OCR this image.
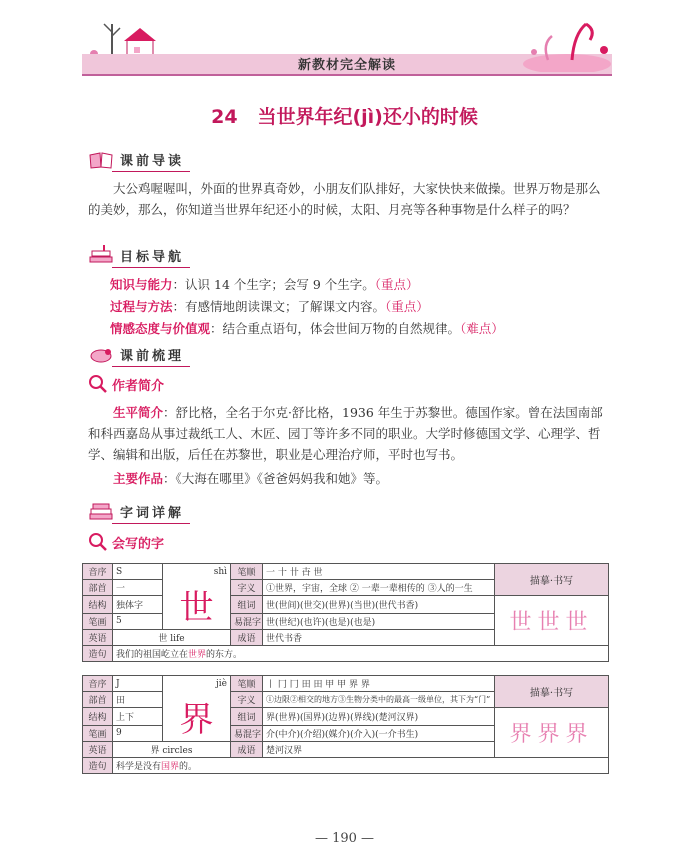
新教材完全解读
24 当世界年纪(jì)还小的时候
课前导读
大公鸡喔喔叫，外面的世界真奇妙，小朋友们队排好，大家快快来做操。世界万物是那么的美妙，那么，你知道当世界年纪还小的时候，太阳、月亮等各种事物是什么样子的吗？
目标导航
知识与能力：认识 14 个生字；会写 9 个生字。（重点）
过程与方法：有感情地朗读课文；了解课文内容。（重点）
情感态度与价值观：结合重点语句，体会世间万物的自然规律。（难点）
课前梳理
作者简介
生平简介：舒比格，全名于尔克·舒比格，1936 年生于苏黎世。德国作家。曾在法国南部和科西嘉岛从事过裁纸工人、木匠、园丁等许多不同的职业。大学时修德国文学、心理学、哲学、编辑和出版，后任在苏黎世，职业是心理治疗师，平时也写书。
主要作品：《大海在哪里》《爸爸妈妈我和她》等。
字词详解
会写的字
音序	S	shì	笔顺	一 十 卄 卋 世	描摹·书写
部首	一	世	字义	①世界，宇宙，全球 ② 一辈一辈相传的 ③人的一生	
结构	独体字		组词	世(世间)(世交)(世界)(当世)(世代书香)	世世世
笔画	5		易混字	世(世纪)(也许)(也是)(也是)	
英语	世 life		成语	世代书香	
造句	我们的祖国屹立在世界的东方。				
音序	J	jiè	笔顺	丨 冂 冂 田 田 甲 甲 界 界	描摹·书写
部首	田	界	字义	①边限②相交的地方③生物分类中的最高一级单位，其下为“门”	
结构	上下		组词	界(世界)(国界)(边界)(界线)(楚河汉界)	界界界
笔画	9		易混字	介(中介)(介绍)(媒介)(介入)(一介书生)	
英语	界 circles		成语	楚河汉界	
造句	科学是没有国界的。				
— 190 —
